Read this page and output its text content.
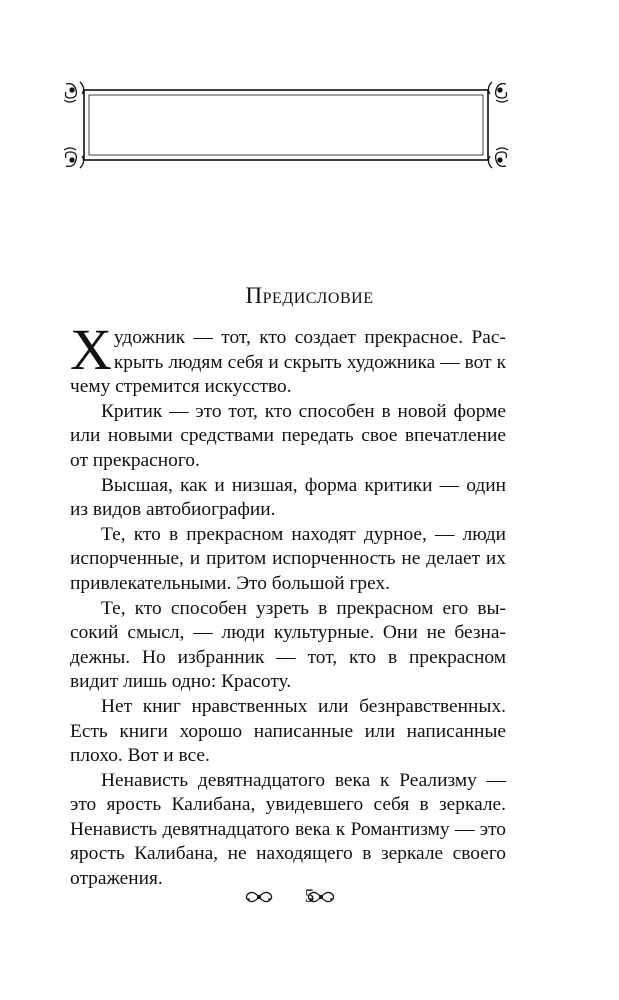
Предисловие

Художник — тот, кто создает прекрасное. Раскрыть людям себя и скрыть художника — вот к чему стремится искусство.

Критик — это тот, кто способен в новой форме или новыми средствами передать свое впечатление от прекрасного.

Высшая, как и низшая, форма критики — один из видов автобиографии.

Те, кто в прекрасном находят дурное, — люди испорченные, и притом испорченность не делает их привлекательными. Это большой грех.

Те, кто способен узреть в прекрасном его высокий смысл, — люди культурные. Они не безнадежны. Но избранник — тот, кто в прекрасном видит лишь одно: Красоту.

Нет книг нравственных или безнравственных. Есть книги хорошо написанные или написанные плохо. Вот и все.

Ненависть девятнадцатого века к Реализму — это ярость Калибана, увидевшего себя в зеркале. Ненависть девятнадцатого века к Романтизму — это ярость Калибана, не находящего в зеркале своего отражения.

5
